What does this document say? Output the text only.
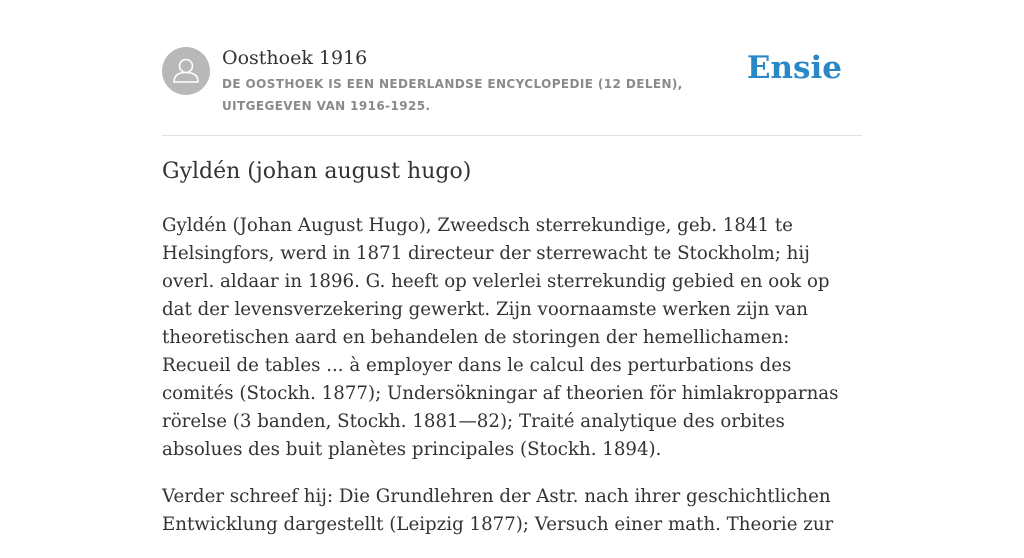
Oosthoek 1916
DE OOSTHOEK IS EEN NEDERLANDSE ENCYCLOPEDIE (12 DELEN), UITGEGEVEN VAN 1916-1925.
Ensie
Gyldén (johan august hugo)

Gyldén (Johan August Hugo), Zweedsch sterrekundige, geb. 1841 te Helsingfors, werd in 1871 directeur der sterrewacht te Stockholm; hij overl. aldaar in 1896. G. heeft op velerlei sterrekundig gebied en ook op dat der levensverzekering gewerkt. Zijn voornaamste werken zijn van theoretischen aard en behandelen de storingen der hemellichamen: Recueil de tables ... à employer dans le calcul des perturbations des comités (Stockh. 1877); Undersökningar af theorien för himlakropparnas rörelse (3 banden, Stockh. 1881—82); Traité analytique des orbites absolues des buit planètes principales (Stockh. 1894).

Verder schreef hij: Die Grundlehren der Astr. nach ihrer geschichtlichen Entwicklung dargestellt (Leipzig 1877); Versuch einer math. Theorie zur
